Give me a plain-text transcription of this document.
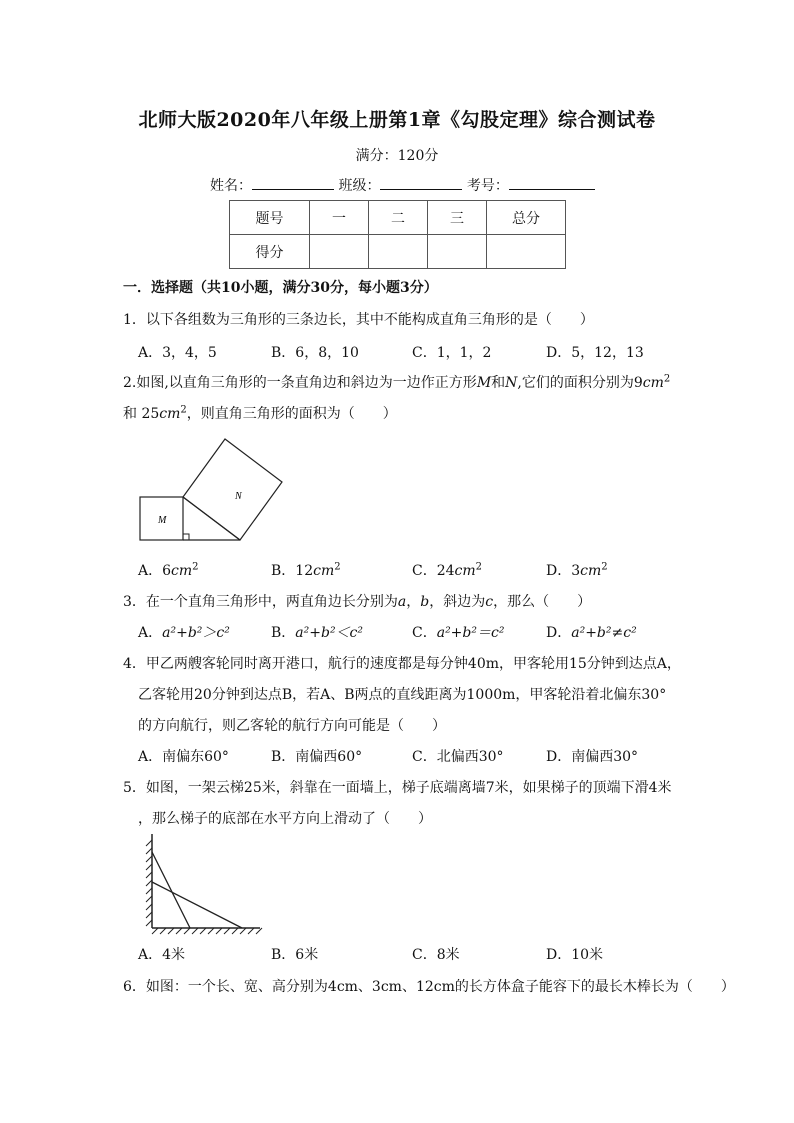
北师大版2020年八年级上册第1章《勾股定理》综合测试卷
满分：120分
姓名：	班级：	考号：
题号	一	二	三	总分
得分				
一．选择题（共10小题，满分30分，每小题3分）
1．以下各组数为三角形的三条边长，其中不能构成直角三角形的是（　　）
A．3，4，5	B．6，8，10	C．1，1，2	D．5，12，13
2.如图,以直角三角形的一条直角边和斜边为一边作正方形M和N,它们的面积分别为$9cm^2$
和 $25cm^2$，则直角三角形的面积为（　　）
M
N
A．$6cm^2$	B．$12cm^2$	C．$24cm^2$	D．$3cm^2$
3．在一个直角三角形中，两直角边长分别为a，b，斜边为c，那么（　　）
A．a²+b²＞c²	B．a²+b²＜c²	C．a²+b²＝c²	D．a²+b²≠c²
4．甲乙两艘客轮同时离开港口，航行的速度都是每分钟40m，甲客轮用15分钟到达点A，
乙客轮用20分钟到达点B，若A、B两点的直线距离为1000m，甲客轮沿着北偏东30°
的方向航行，则乙客轮的航行方向可能是（　　）
A．南偏东60°	B．南偏西60°	C．北偏西30°	D．南偏西30°
5．如图，一架云梯25米，斜靠在一面墙上，梯子底端离墙7米，如果梯子的顶端下滑4米
，那么梯子的底部在水平方向上滑动了（　　）
A．4米	B．6米	C．8米	D．10米
6．如图：一个长、宽、高分别为4cm、3cm、12cm的长方体盒子能容下的最长木棒长为（　　）
